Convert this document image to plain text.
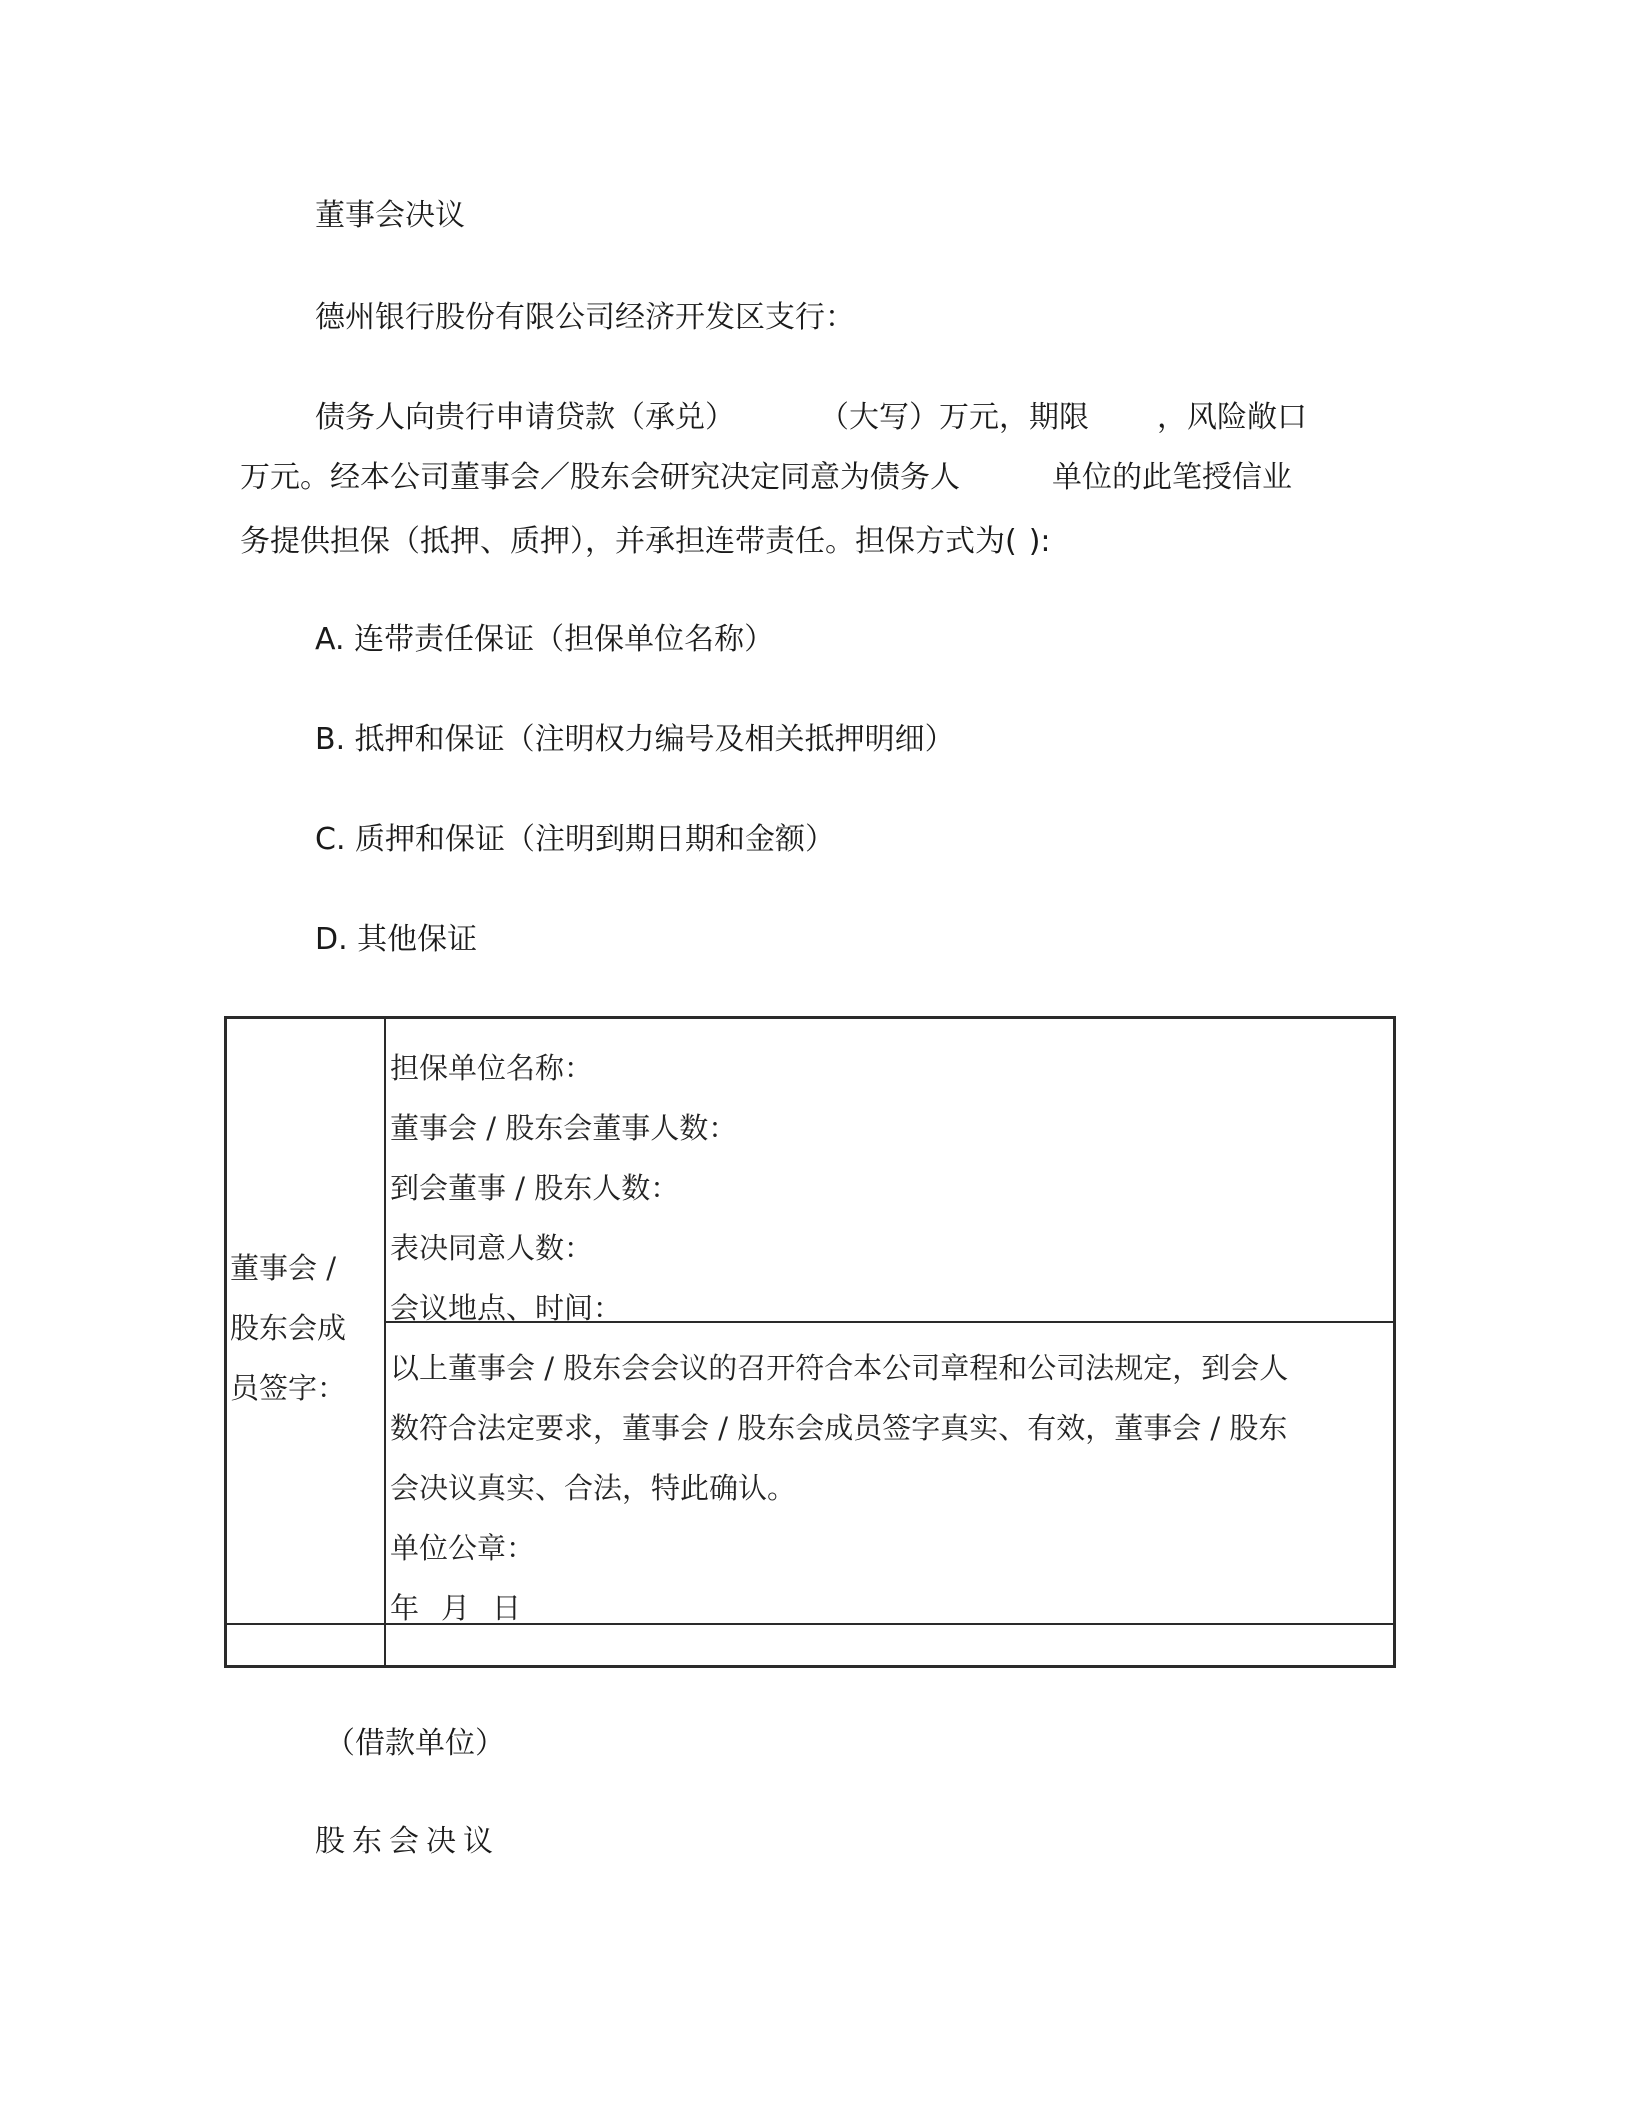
董事会决议
德州银行股份有限公司经济开发区支行：
债务人向贵行申请贷款（承兑）	（大写）万元，期限 ，风险敞口
万元。经本公司董事会／股东会研究决定同意为债务人	单位的此笔授信业
务提供担保（抵押、质押），并承担连带责任。担保方式为( ):
A. 连带责任保证（担保单位名称）
B. 抵押和保证（注明权力编号及相关抵押明细）
C. 质押和保证（注明到期日期和金额）
D. 其他保证
董事会 /
股东会成
员签字：
担保单位名称：
董事会 / 股东会董事人数：
到会董事 / 股东人数：
表决同意人数：
会议地点、时间：
以上董事会 / 股东会会议的召开符合本公司章程和公司法规定，到会人
数符合法定要求，董事会 / 股东会成员签字真实、有效，董事会 / 股东
会决议真实、合法，特此确认。
单位公章：
年 月 日
（借款单位）
股东会决议
